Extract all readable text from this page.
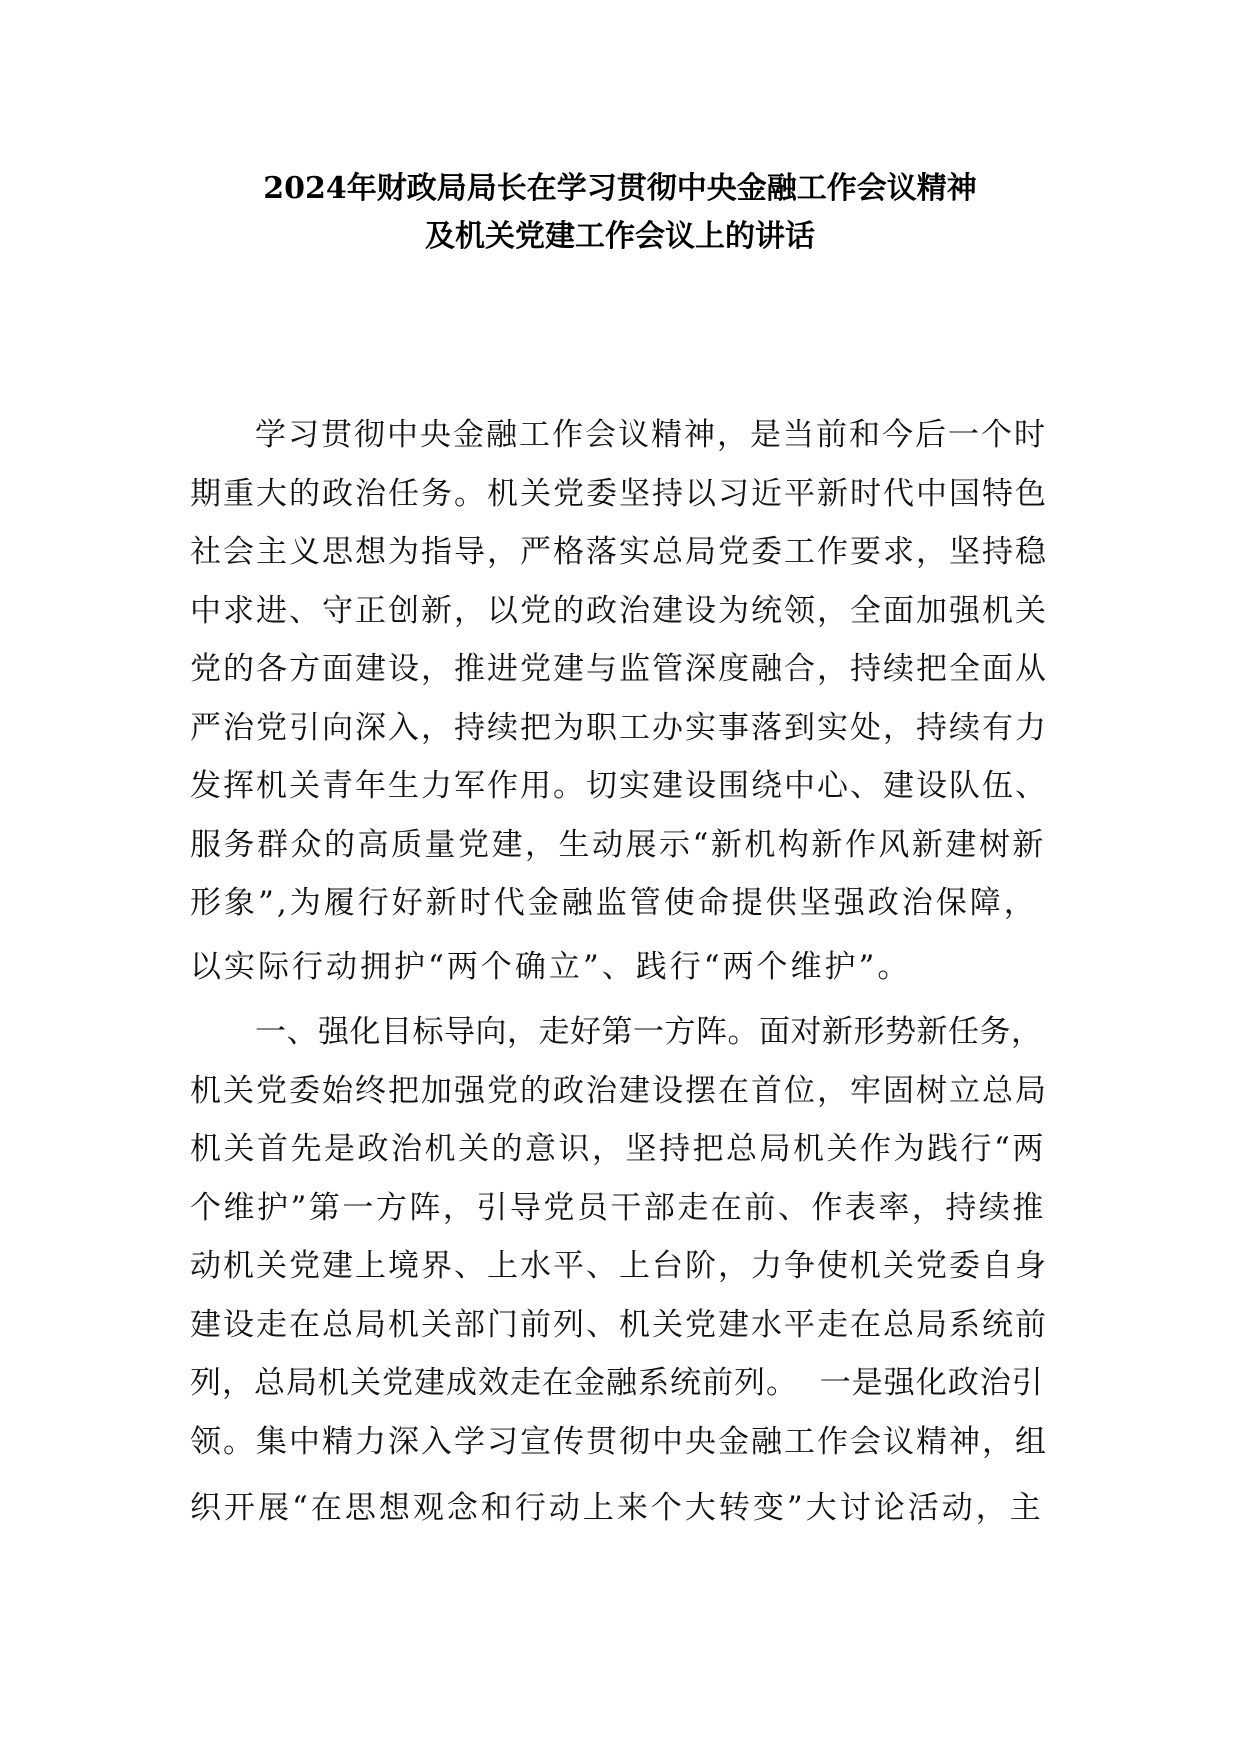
2024年财政局局长在学习贯彻中央金融工作会议精神
及机关党建工作会议上的讲话
学习贯彻中央金融工作会议精神，是当前和今后一个时
期重大的政治任务。机关党委坚持以习近平新时代中国特色
社会主义思想为指导，严格落实总局党委工作要求，坚持稳
中求进、守正创新，以党的政治建设为统领，全面加强机关
党的各方面建设，推进党建与监管深度融合，持续把全面从
严治党引向深入，持续把为职工办实事落到实处，持续有力
发挥机关青年生力军作用。切实建设围绕中心、建设队伍、
服务群众的高质量党建，生动展示“新机构新作风新建树新
形象”,为履行好新时代金融监管使命提供坚强政治保障，
以实际行动拥护“两个确立”、践行“两个维护”。
一、强化目标导向，走好第一方阵。面对新形势新任务，
机关党委始终把加强党的政治建设摆在首位，牢固树立总局
机关首先是政治机关的意识，坚持把总局机关作为践行“两
个维护”第一方阵，引导党员干部走在前、作表率，持续推
动机关党建上境界、上水平、上台阶，力争使机关党委自身
建设走在总局机关部门前列、机关党建水平走在总局系统前
列，总局机关党建成效走在金融系统前列。  一是强化政治引
领。集中精力深入学习宣传贯彻中央金融工作会议精神，组
织开展“在思想观念和行动上来个大转变”大讨论活动，主
